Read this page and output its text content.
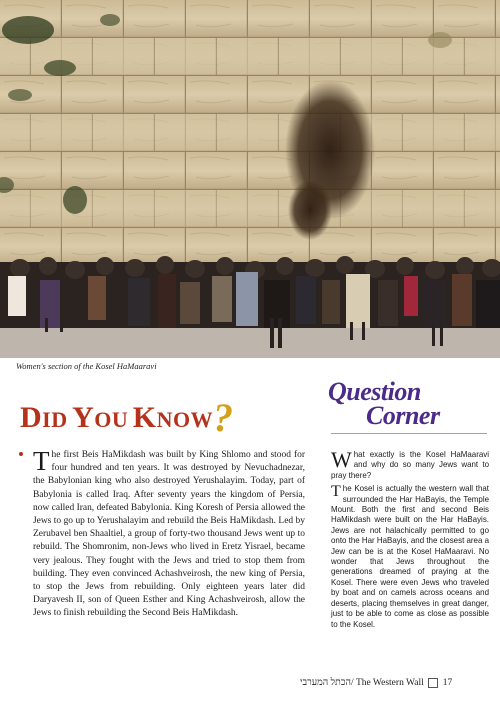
Women's section of the Kosel HaMaaravi
DID YOU KNOW?
The first Beis HaMikdash was built by King Shlomo and stood for four hundred and ten years. It was destroyed by Nevuchadnezar, the Babylonian king who also destroyed Yerushalayim. Today, part of Babylonia is called Iraq. After seventy years the kingdom of Persia, now called Iran, defeated Babylonia. King Koresh of Persia allowed the Jews to go up to Yerushalayim and rebuild the Beis HaMikdash. Led by Zerubavel ben Shaaltiel, a group of forty-two thousand Jews went up to rebuild. The Shomronim, non-Jews who lived in Eretz Yisrael, became very jealous. They fought with the Jews and tried to stop them from building. They even convinced Achashveirosh, the new king of Persia, to stop the Jews from rebuilding. Only eighteen years later did Daryavesh II, son of Queen Esther and King Achashveirosh, allow the Jews to finish rebuilding the Second Beis HaMikdash.
Question
Corner

What exactly is the Kosel HaMaaravi and why do so many Jews want to pray there?

The Kosel is actually the western wall that surrounded the Har HaBayis, the Temple Mount. Both the first and second Beis HaMikdash were built on the Har HaBayis. Jews are not halachically permitted to go onto the Har HaBayis, and the closest area a Jew can be is at the Kosel HaMaaravi. No wonder that Jews throughout the generations dreamed of praying at the Kosel. There were even Jews who traveled by boat and on camels across oceans and deserts, placing themselves in great danger, just to be able to come as close as possible to the Kosel.

הכתל המערבי/ The Western Wall 17
